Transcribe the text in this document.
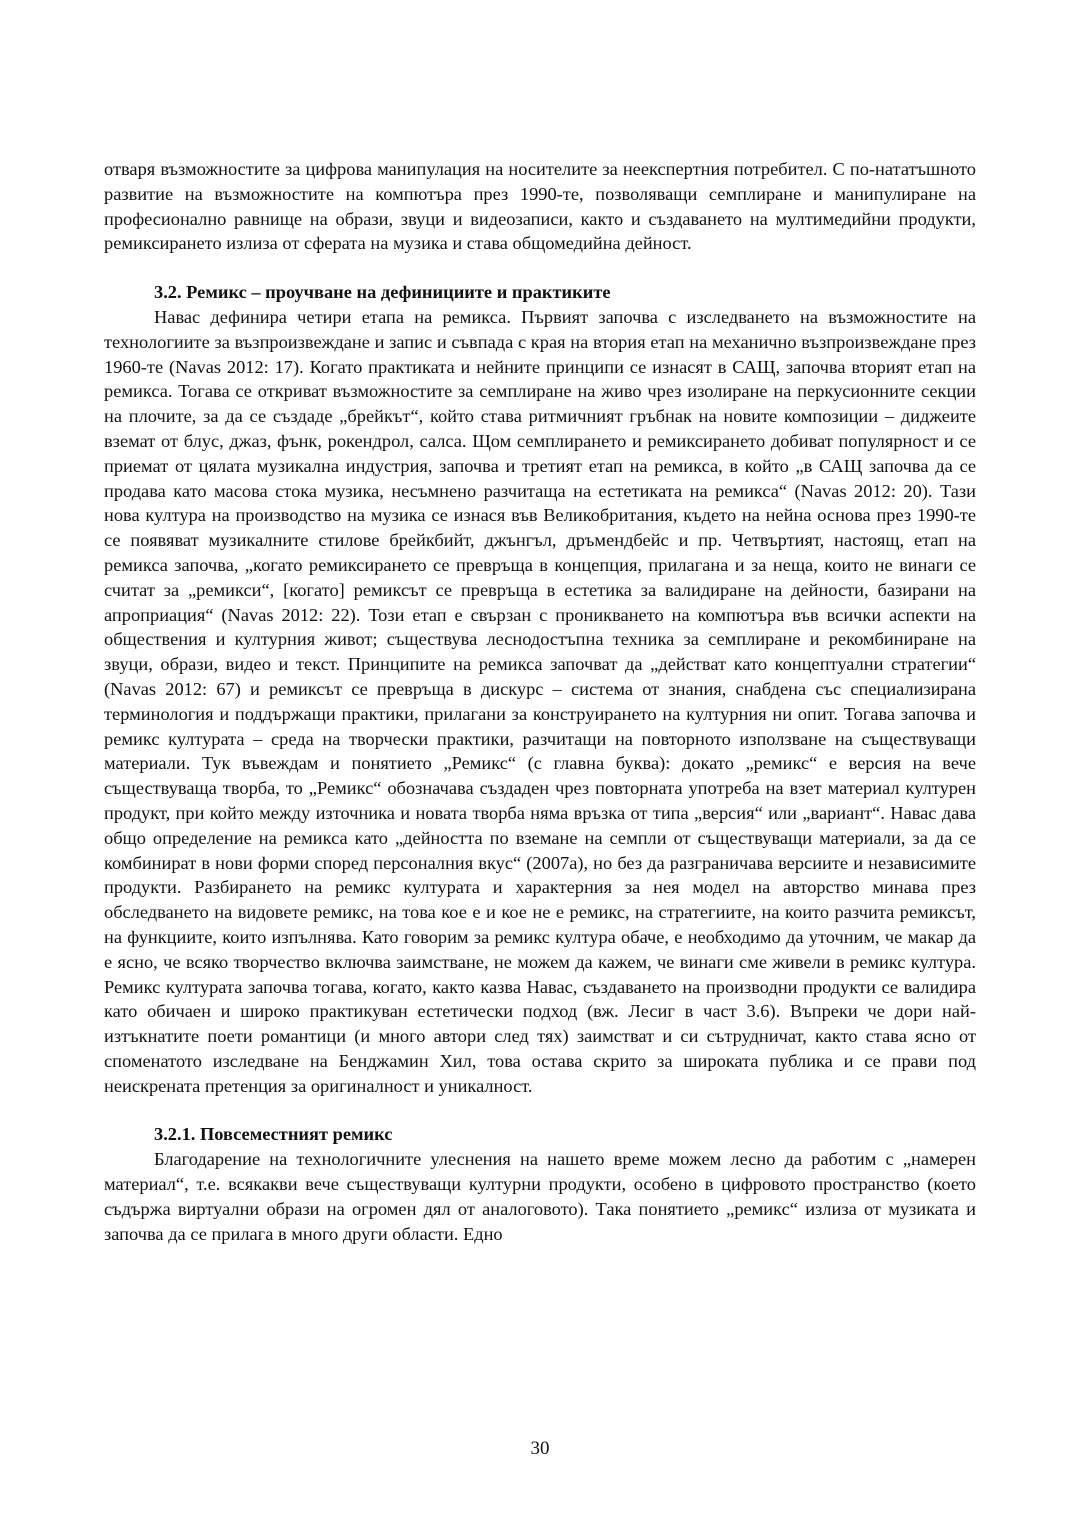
отваря възможностите за цифрова манипулация на носителите за неекспертния потребител. С по-нататъшното развитие на възможностите на компютъра през 1990-те, позволяващи семплиране и манипулиране на професионално равнище на образи, звуци и видеозаписи, както и създаването на мултимедийни продукти, ремиксирането излиза от сферата на музика и става общомедийна дейност.

3.2. Ремикс – проучване на дефинициите и практиките

Навас дефинира четири етапа на ремикса. Първият започва с изследването на възможностите на технологиите за възпроизвеждане и запис и съвпада с края на втория етап на механично възпроизвеждане през 1960-те (Navas 2012: 17). Когато практиката и нейните принципи се изнасят в САЩ, започва вторият етап на ремикса. Тогава се откриват възможностите за семплиране на живо чрез изолиране на перкусионните секции на плочите, за да се създаде „брейкът“, който става ритмичният гръбнак на новите композиции – диджеите вземат от блус, джаз, фънк, рокендрол, салса. Щом семплирането и ремиксирането добиват популярност и се приемат от цялата музикална индустрия, започва и третият етап на ремикса, в който „в САЩ започва да се продава като масова стока музика, несъмнено разчитаща на естетиката на ремикса“ (Navas 2012: 20). Тази нова култура на производство на музика се изнася във Великобритания, където на нейна основа през 1990-те се появяват музикалните стилове брейкбийт, джънгъл, дръмендбейс и пр. Четвъртият, настоящ, етап на ремикса започва, „когато ремиксирането се превръща в концепция, прилагана и за неща, които не винаги се считат за „ремикси“, [когато] ремиксът се превръща в естетика за валидиране на дейности, базирани на апроприация“ (Navas 2012: 22). Този етап е свързан с проникването на компютъра във всички аспекти на обществения и културния живот; съществува леснодостъпна техника за семплиране и рекомбиниране на звуци, образи, видео и текст. Принципите на ремикса започват да „действат като концептуални стратегии“ (Navas 2012: 67) и ремиксът се превръща в дискурс – система от знания, снабдена със специализирана терминология и поддържащи практики, прилагани за конструирането на културния ни опит. Тогава започва и ремикс културата – среда на творчески практики, разчитащи на повторното използване на съществуващи материали. Тук въвеждам и понятието „Ремикс“ (с главна буква): докато „ремикс“ е версия на вече съществуваща творба, то „Ремикс“ обозначава създаден чрез повторната употреба на взет материал културен продукт, при който между източника и новата творба няма връзка от типа „версия“ или „вариант“. Навас дава общо определение на ремикса като „дейността по вземане на семпли от съществуващи материали, за да се комбинират в нови форми според персоналния вкус“ (2007а), но без да разграничава версиите и независимите продукти. Разбирането на ремикс културата и характерния за нея модел на авторство минава през обследването на видовете ремикс, на това кое е и кое не е ремикс, на стратегиите, на които разчита ремиксът, на функциите, които изпълнява. Като говорим за ремикс култура обаче, е необходимо да уточним, че макар да е ясно, че всяко творчество включва заимстване, не можем да кажем, че винаги сме живели в ремикс култура. Ремикс културата започва тогава, когато, както казва Навас, създаването на производни продукти се валидира като обичаен и широко практикуван естетически подход (вж. Лесиг в част 3.6). Въпреки че дори най-изтъкнатите поети романтици (и много автори след тях) заимстват и си сътрудничат, както става ясно от споменатото изследване на Бенджамин Хил, това остава скрито за широката публика и се прави под неискрената претенция за оригиналност и уникалност.

3.2.1. Повсеместният ремикс

Благодарение на технологичните улеснения на нашето време можем лесно да работим с „намерен материал“, т.е. всякакви вече съществуващи културни продукти, особено в цифровото пространство (което съдържа виртуални образи на огромен дял от аналоговото). Така понятието „ремикс“ излиза от музиката и започва да се прилага в много други области. Едно

30
